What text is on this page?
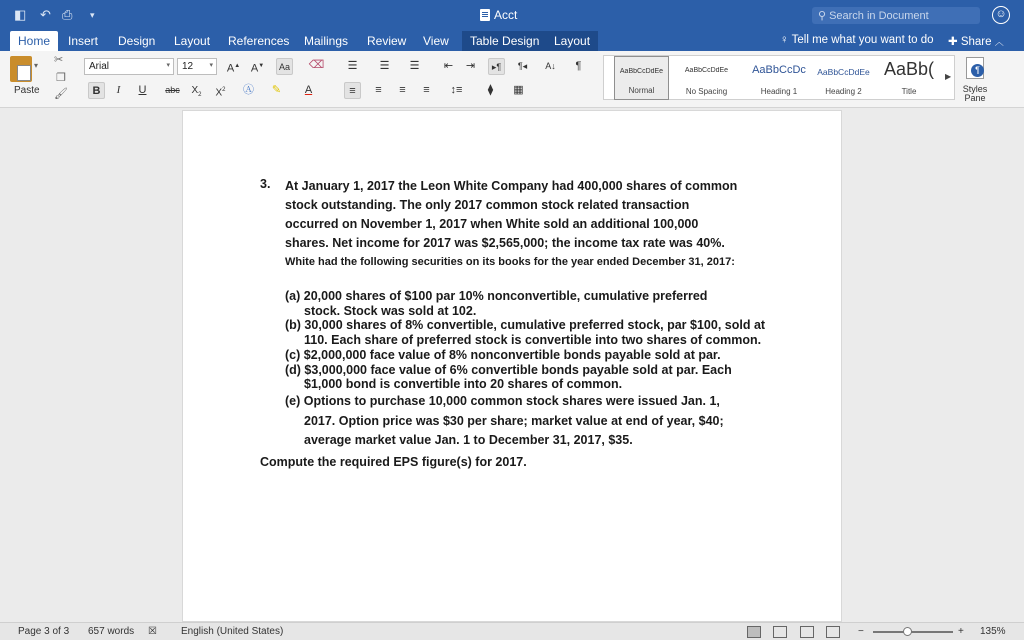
◧ ↶ ⎙ ▾	Acct	⚲ Search in Document	☺
Home	Insert Design Layout References Mailings Review View	Table Design	Layout	♀ Tell me what you want to do ✚ Share ︿
▾
Paste
✂
❐
🖌
Arial	▾	12 ▾ A▲ A▼	Aa ⌫
B	I	U	abc	$X_2$	$X^2$	Ⓐ	✎	A
☰	☰	☰	⇤	⇥	▸¶	¶◂	A↓	¶
≡	≡	≡	≡	↕≡	⧫	▦
AaBbCcDdEe
Normal
AaBbCcDdEe
No Spacing
AaBbCcDc
Heading 1
AaBbCcDdEe
Heading 2
AaBb(
Title
▶
¶
Styles Pane
3. At January 1, 2017 the Leon White Company had 400,000 shares of common
stock outstanding. The only 2017 common stock related transaction
occurred on November 1, 2017 when White sold an additional 100,000
shares. Net income for 2017 was $2,565,000; the income tax rate was 40%.
White had the following securities on its books for the year ended December 31, 2017:
(a) 20,000 shares of $100 par 10% nonconvertible, cumulative preferred
stock. Stock was sold at 102.
(b) 30,000 shares of 8% convertible, cumulative preferred stock, par $100, sold at
110. Each share of preferred stock is convertible into two shares of common.
(c) $2,000,000 face value of 8% nonconvertible bonds payable sold at par.
(d) $3,000,000 face value of 6% convertible bonds payable sold at par. Each
$1,000 bond is convertible into 20 shares of common.
(e) Options to purchase 10,000 common stock shares were issued Jan. 1,
2017. Option price was $30 per share; market value at end of year, $40;
average market value Jan. 1 to December 31, 2017, $35.
Compute the required EPS figure(s) for 2017.
Page 3 of 3 657 words ☒ English (United States)	−	+ 135%
